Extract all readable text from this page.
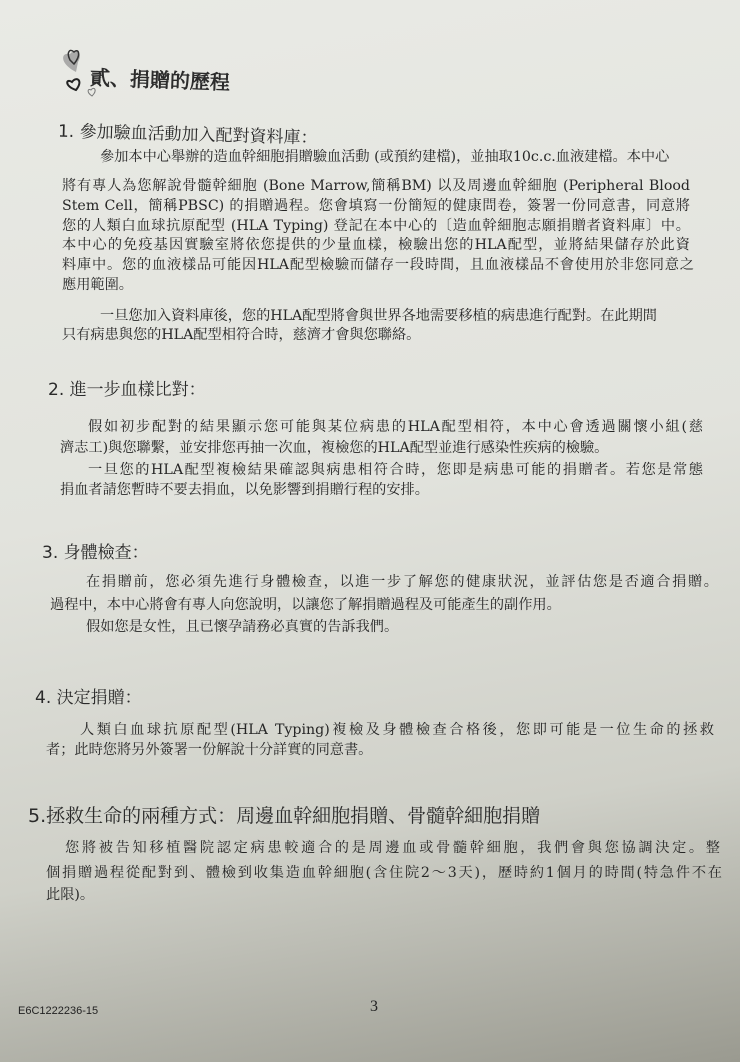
貳、捐贈的歷程
1. 參加驗血活動加入配對資料庫：
參加本中心舉辦的造血幹細胞捐贈驗血活動 (或預約建檔)，並抽取10c.c.血液建檔。本中心
將有專人為您解說骨髓幹細胞 (Bone Marrow,簡稱BM) 以及周邊血幹細胞 (Peripheral Blood
Stem Cell，簡稱PBSC) 的捐贈過程。您會填寫一份簡短的健康問卷，簽署一份同意書，同意將
您的人類白血球抗原配型 (HLA Typing) 登記在本中心的〔造血幹細胞志願捐贈者資料庫〕中。
本中心的免疫基因實驗室將依您提供的少量血樣，檢驗出您的HLA配型，並將結果儲存於此資
料庫中。您的血液樣品可能因HLA配型檢驗而儲存一段時間，且血液樣品不會使用於非您同意之
應用範圍。
一旦您加入資料庫後，您的HLA配型將會與世界各地需要移植的病患進行配對。在此期間
只有病患與您的HLA配型相符合時，慈濟才會與您聯絡。
2. 進一步血樣比對：
假如初步配對的結果顯示您可能與某位病患的HLA配型相符，本中心會透過關懷小組(慈
濟志工)與您聯繫，並安排您再抽一次血，複檢您的HLA配型並進行感染性疾病的檢驗。
一旦您的HLA配型複檢結果確認與病患相符合時，您即是病患可能的捐贈者。若您是常態
捐血者請您暫時不要去捐血，以免影響到捐贈行程的安排。
3. 身體檢查：
在捐贈前，您必須先進行身體檢查，以進一步了解您的健康狀況，並評估您是否適合捐贈。
過程中，本中心將會有專人向您說明，以讓您了解捐贈過程及可能產生的副作用。
假如您是女性，且已懷孕請務必真實的告訴我們。
4. 決定捐贈：
人類白血球抗原配型(HLA Typing)複檢及身體檢查合格後，您即可能是一位生命的拯救
者；此時您將另外簽署一份解說十分詳實的同意書。
5.拯救生命的兩種方式：周邊血幹細胞捐贈、骨髓幹細胞捐贈
您將被告知移植醫院認定病患較適合的是周邊血或骨髓幹細胞，我們會與您協調決定。整
個捐贈過程從配對到、體檢到收集造血幹細胞(含住院2～3天)，歷時約1個月的時間(特急件不在
此限)。
E6C1222236-15	3
